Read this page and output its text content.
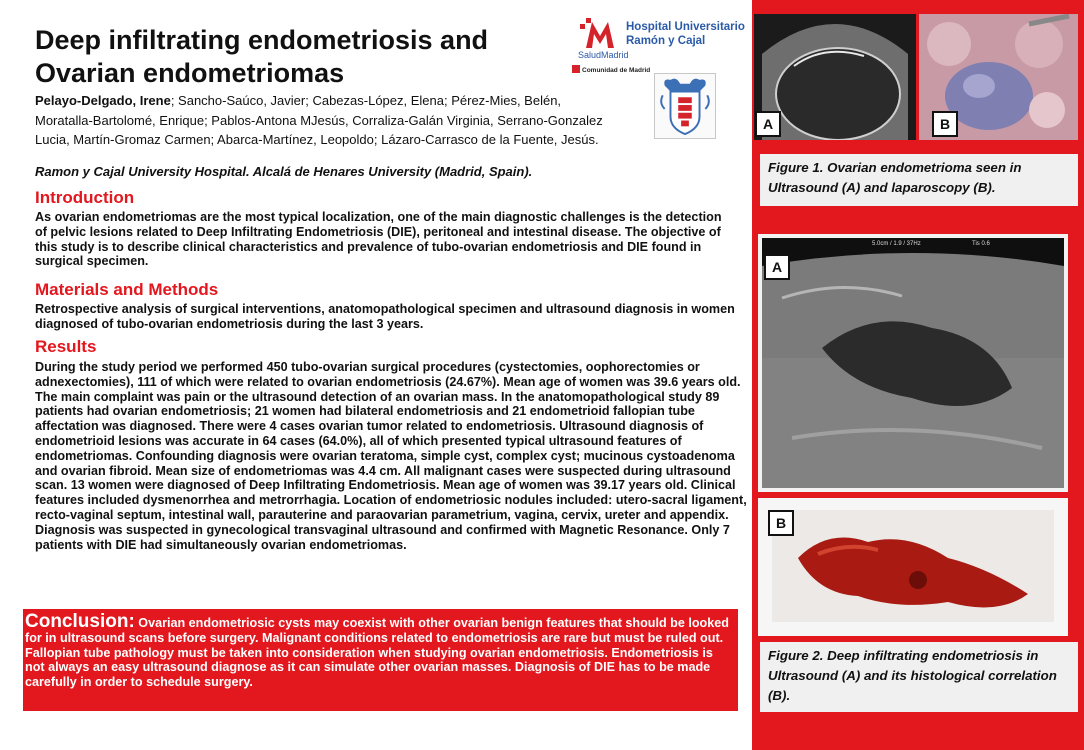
Deep infiltrating endometriosis and Ovarian endometriomas
Pelayo-Delgado, Irene; Sancho-Saúco, Javier; Cabezas-López, Elena; Pérez-Mies, Belén, Moratalla-Bartolomé, Enrique; Pablos-Antona MJesús, Corraliza-Galán Virginia, Serrano-Gonzalez Lucia, Martín-Gromaz Carmen; Abarca-Martínez, Leopoldo; Lázaro-Carrasco de la Fuente, Jesús.
Ramon y Cajal University Hospital. Alcalá de Henares University (Madrid, Spain).
Hospital Universitario
Ramón y Cajal
SaludMadrid
Comunidad de Madrid
Introduction
As ovarian endometriomas are the most typical localization, one of the main diagnostic challenges is the detection of pelvic lesions related to Deep Infiltrating Endometriosis (DIE), peritoneal and intestinal disease. The objective of this study is to describe clinical characteristics and prevalence of tubo-ovarian endometriosis and DIE found in surgical specimen.
Materials and Methods
Retrospective analysis of surgical interventions, anatomopathological specimen and ultrasound diagnosis in women diagnosed of tubo-ovarian endometriosis during the last 3 years.
Results
During the study period we performed 450 tubo-ovarian surgical procedures (cystectomies, oophorectomies or adnexectomies), 111 of which were related to ovarian endometriosis (24.67%). Mean age of women was 39.6 years old. The main complaint was pain or the ultrasound detection of an ovarian mass. In the anatomopathological study 89 patients had ovarian endometriosis; 21 women had bilateral endometriosis and 21 endometrioid fallopian tube affectation was diagnosed. There were 4 cases ovarian tumor related to endometriosis. Ultrasound diagnosis of endometrioid lesions was accurate in 64 cases (64.0%), all of which presented typical ultrasound features of endometriomas. Confounding diagnosis were ovarian teratoma, simple cyst, complex cyst; mucinous cystoadenoma and ovarian fibroid. Mean size of endometriomas was 4.4 cm. All malignant cases were suspected during ultrasound scan. 13 women were diagnosed of Deep Infiltrating Endometriosis. Mean age of women was 39.17 years old. Clinical features included dysmenorrhea and metrorrhagia. Location of endometriosic nodules included: utero-sacral ligament, recto-vaginal septum, intestinal wall, parauterine and paraovarian parametrium, vagina, cervix, ureter and appendix. Diagnosis was suspected in gynecological transvaginal ultrasound and confirmed with Magnetic Resonance. Only 7 patients with DIE had simultaneously ovarian endometriomas.
Conclusion: Ovarian endometriosic cysts may coexist with other ovarian benign features that should be looked for in ultrasound scans before surgery. Malignant conditions related to endometriosis are rare but must be ruled out. Fallopian tube pathology must be taken into consideration when studying ovarian endometriosis. Endometriosis is not always an easy ultrasound diagnose as it can simulate other ovarian masses. Diagnosis of DIE has to be made carefully in order to schedule surgery.
A	B
Figure 1. Ovarian endometrioma seen in Ultrasound (A) and laparoscopy (B).
5.0cm / 1.9 / 37Hz	Tis 0.6
A
B
Figure 2. Deep infiltrating endometriosis in Ultrasound (A) and its histological correlation (B).
